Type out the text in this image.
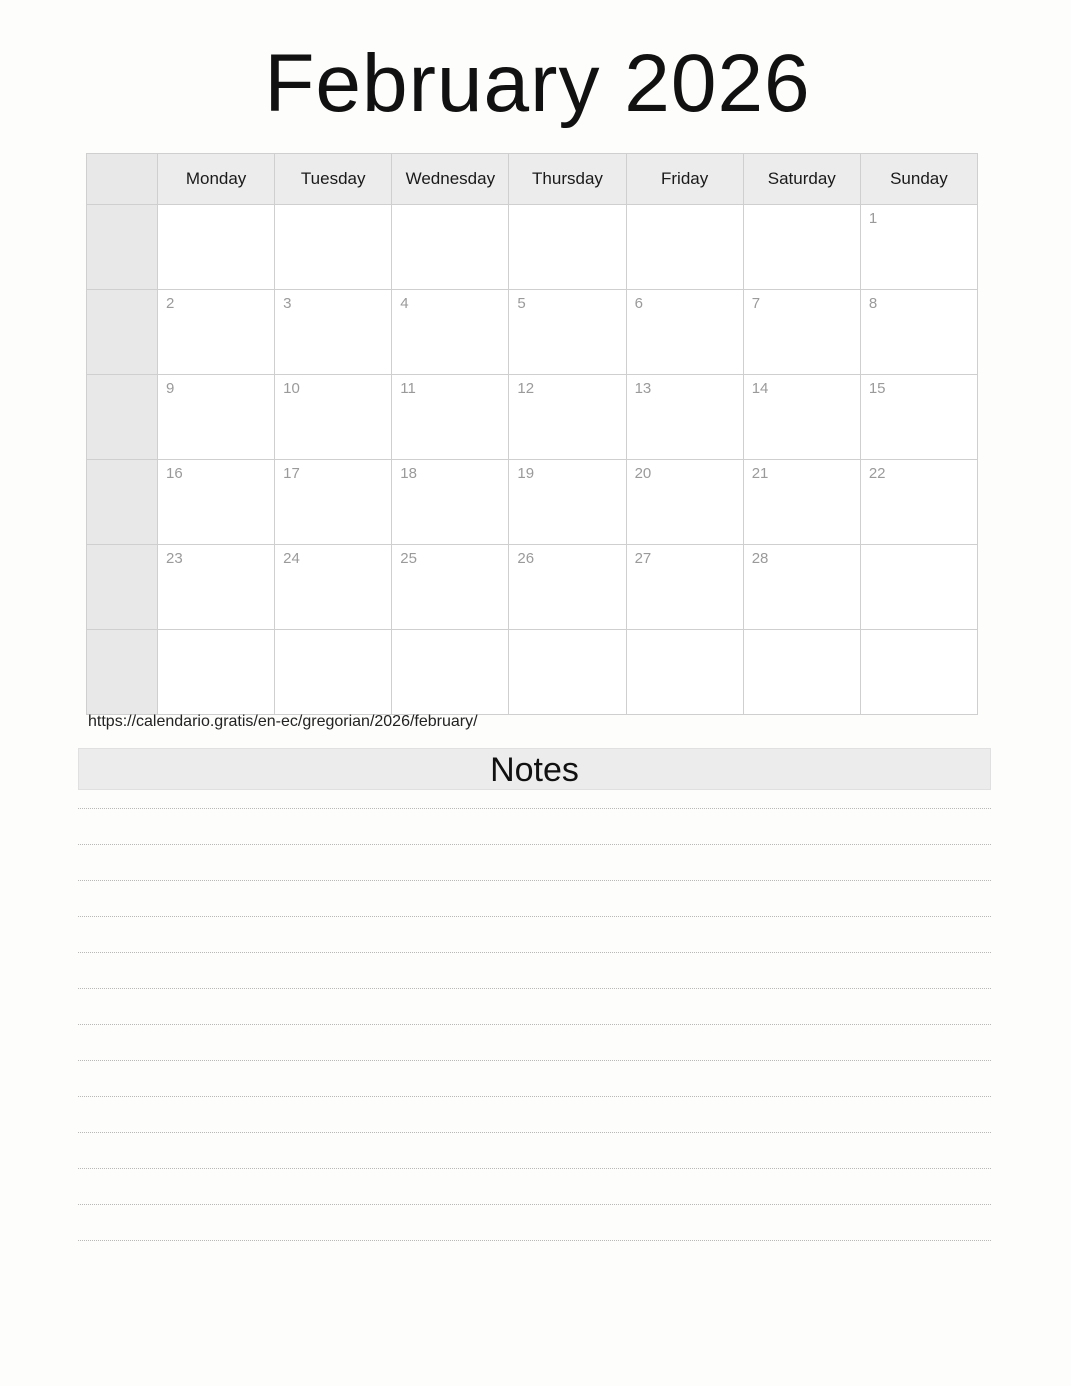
February 2026
	Monday	Tuesday	Wednesday	Thursday	Friday	Saturday	Sunday

							1

	2	3	4	5	6	7	8

	9	10	11	12	13	14	15

	16	17	18	19	20	21	22

	23	24	25	26	27	28	

https://calendario.gratis/en-ec/gregorian/2026/february/
Notes
